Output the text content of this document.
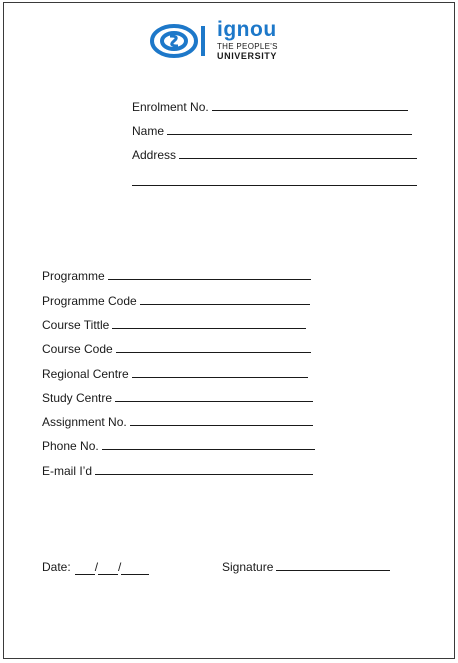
ignou
THE PEOPLE'S
UNIVERSITY
Enrolment No.
Name
Address
Programme
Programme Code
Course Tittle
Course Code
Regional Centre
Study Centre
Assignment No.
Phone No.
E-mail I’d
Date:
/
/
	Signature
